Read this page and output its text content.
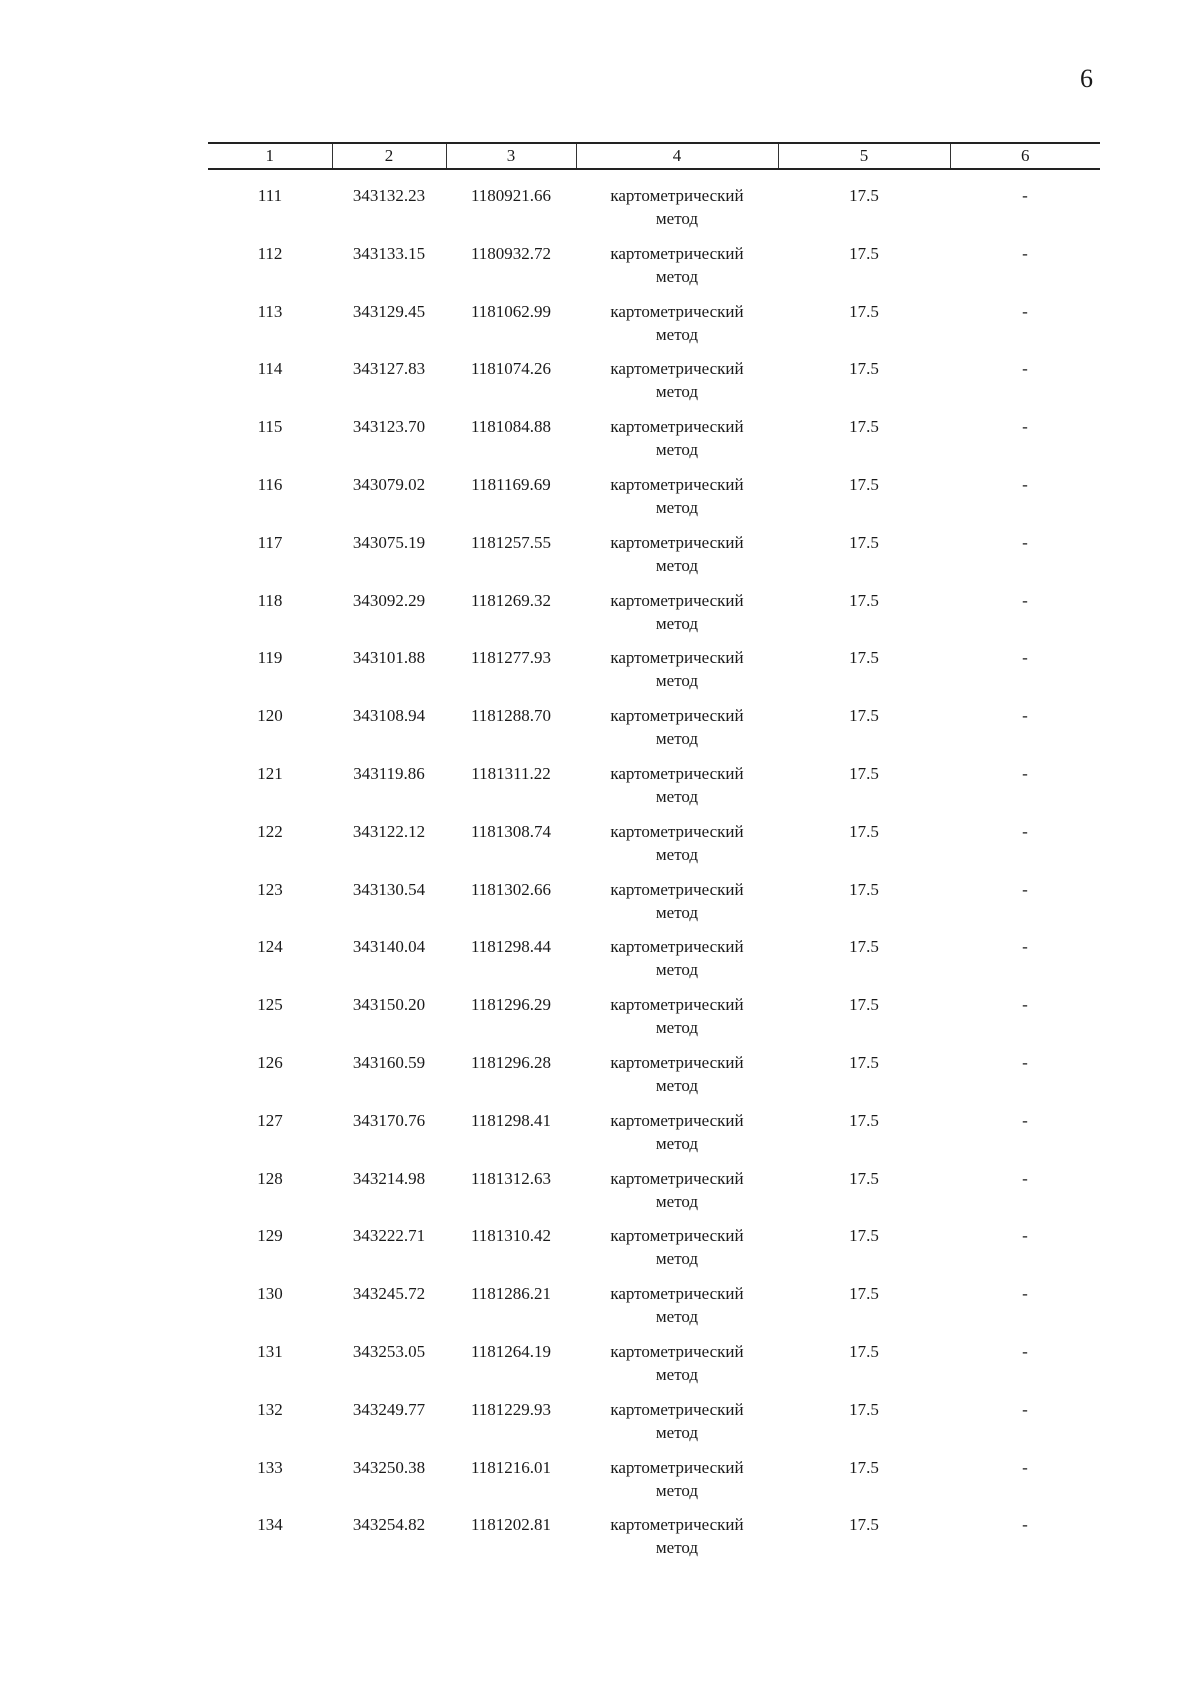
6
1	2	3	4	5	6
111	343132.23	1180921.66	картометрический
метод	17.5	-
112	343133.15	1180932.72	картометрический
метод	17.5	-
113	343129.45	1181062.99	картометрический
метод	17.5	-
114	343127.83	1181074.26	картометрический
метод	17.5	-
115	343123.70	1181084.88	картометрический
метод	17.5	-
116	343079.02	1181169.69	картометрический
метод	17.5	-
117	343075.19	1181257.55	картометрический
метод	17.5	-
118	343092.29	1181269.32	картометрический
метод	17.5	-
119	343101.88	1181277.93	картометрический
метод	17.5	-
120	343108.94	1181288.70	картометрический
метод	17.5	-
121	343119.86	1181311.22	картометрический
метод	17.5	-
122	343122.12	1181308.74	картометрический
метод	17.5	-
123	343130.54	1181302.66	картометрический
метод	17.5	-
124	343140.04	1181298.44	картометрический
метод	17.5	-
125	343150.20	1181296.29	картометрический
метод	17.5	-
126	343160.59	1181296.28	картометрический
метод	17.5	-
127	343170.76	1181298.41	картометрический
метод	17.5	-
128	343214.98	1181312.63	картометрический
метод	17.5	-
129	343222.71	1181310.42	картометрический
метод	17.5	-
130	343245.72	1181286.21	картометрический
метод	17.5	-
131	343253.05	1181264.19	картометрический
метод	17.5	-
132	343249.77	1181229.93	картометрический
метод	17.5	-
133	343250.38	1181216.01	картометрический
метод	17.5	-
134	343254.82	1181202.81	картометрический
метод	17.5	-
